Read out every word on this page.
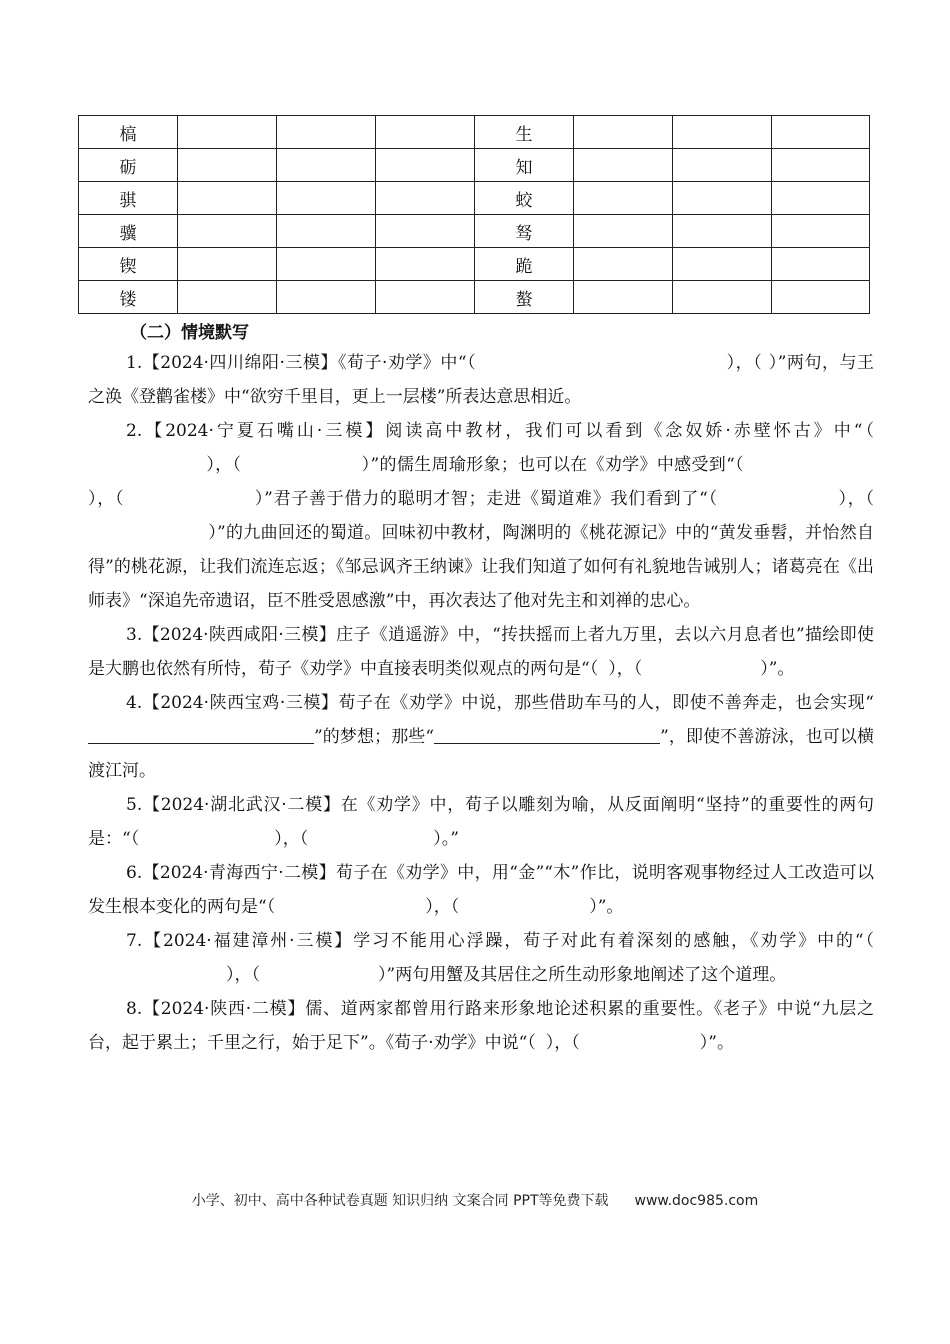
槁				生			
砺				知			
骐				蛟			
骥				驽			
锲				跪			
镂				螯			
（二）情境默写

1.【2024·四川绵阳·三模】《荀子·劝学》中“（	），（ ）”两句，与王之涣《登鹳雀楼》中“欲穷千里目，更上一层楼”所表达意思相近。

2.【2024·宁夏石嘴山·三模】阅读高中教材，我们可以看到《念奴娇·赤壁怀古》中“（），（	）”的儒生周瑜形象；也可以在《劝学》中感受到“（），（	）”君子善于借力的聪明才智；走进《蜀道难》我们看到了“（	），（）”的九曲回还的蜀道。回味初中教材，陶渊明的《桃花源记》中的“黄发垂髫，并怡然自得”的桃花源，让我们流连忘返；《邹忌讽齐王纳谏》让我们知道了如何有礼貌地告诫别人；诸葛亮在《出师表》“深追先帝遗诏，臣不胜受恩感激”中，再次表达了他对先主和刘禅的忠心。

3.【2024·陕西咸阳·三模】庄子《逍遥游》中，“抟扶摇而上者九万里，去以六月息者也”描绘即使是大鹏也依然有所恃，荀子《劝学》中直接表明类似观点的两句是“（ ），（	）”。

4.【2024·陕西宝鸡·三模】荀子在《劝学》中说，那些借助车马的人，即使不善奔走，也会实现“”的梦想；那些“	”，即使不善游泳，也可以横渡江河。

5.【2024·湖北武汉·二模】在《劝学》中，荀子以雕刻为喻，从反面阐明“坚持”的重要性的两句是：“（	），（	）。”

6.【2024·青海西宁·二模】荀子在《劝学》中，用“金”“木”作比，说明客观事物经过人工改造可以发生根本变化的两句是“（	），（	）”。

7.【2024·福建漳州·三模】学习不能用心浮躁，荀子对此有着深刻的感触，《劝学》中的“（），（	）”两句用蟹及其居住之所生动形象地阐述了这个道理。

8.【2024·陕西·二模】儒、道两家都曾用行路来形象地论述积累的重要性。《老子》中说“九层之台，起于累土；千里之行，始于足下”。《荀子·劝学》中说“（ ），（	）”。

小学、初中、高中各种试卷真题 知识归纳 文案合同 PPT等免费下载 www.doc985.com
